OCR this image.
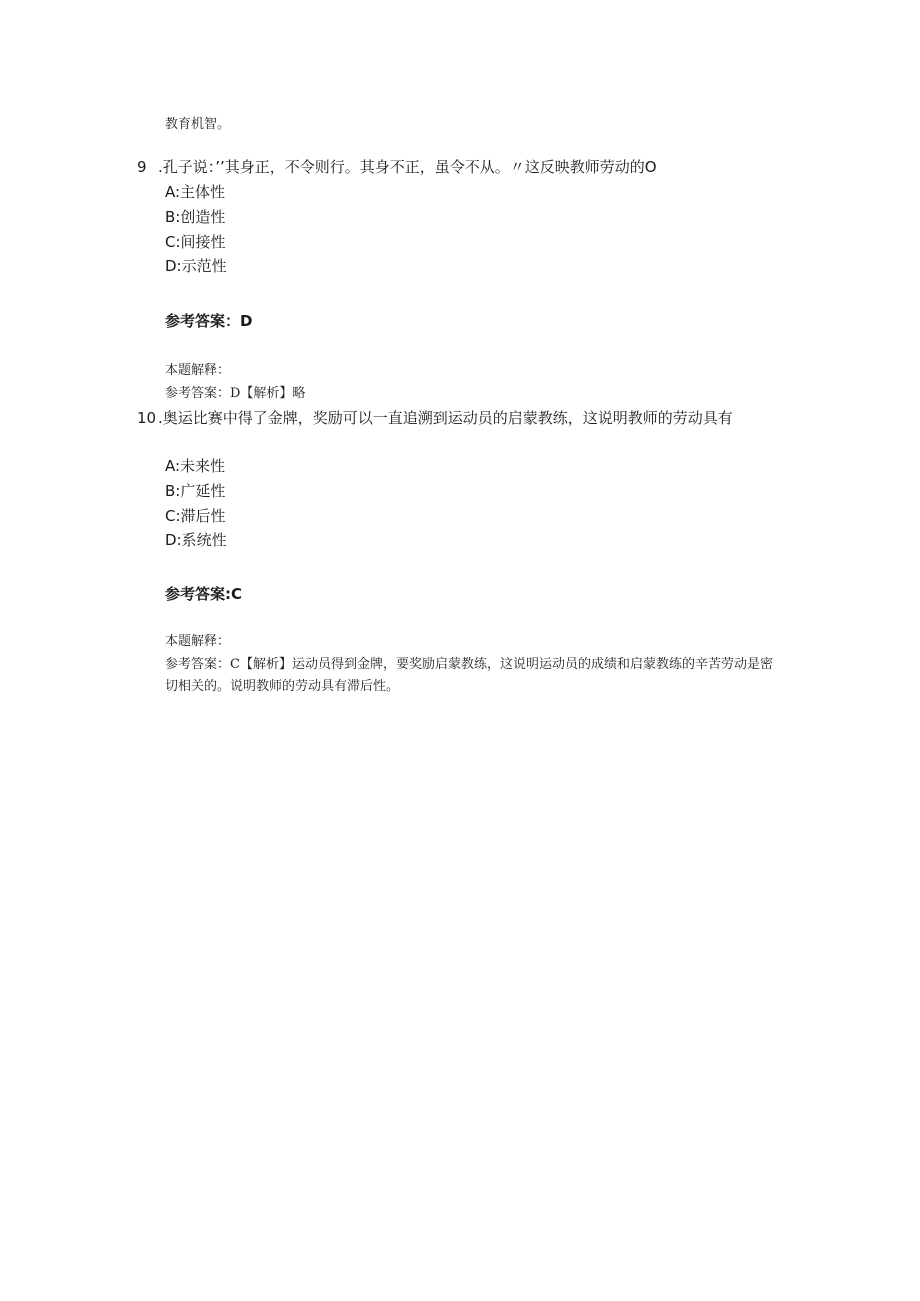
教育机智。
9 .孔子说：’’其身正，不令则行。其身不正，虽令不从。〃这反映教师劳动的O
A:主体性
B:创造性
C:间接性
D:示范性
参考答案：D
本题解释：
参考答案：D【解析】略
10 .奥运比赛中得了金牌，奖励可以一直追溯到运动员的启蒙教练，这说明教师的劳动具有
A:未来性
B:广延性
C:滞后性
D:系统性
参考答案:C
本题解释：
参考答案：C【解析】运动员得到金牌，要奖励启蒙教练，这说明运动员的成绩和启蒙教练的辛苦劳动是密切相关的。说明教师的劳动具有滞后性。
